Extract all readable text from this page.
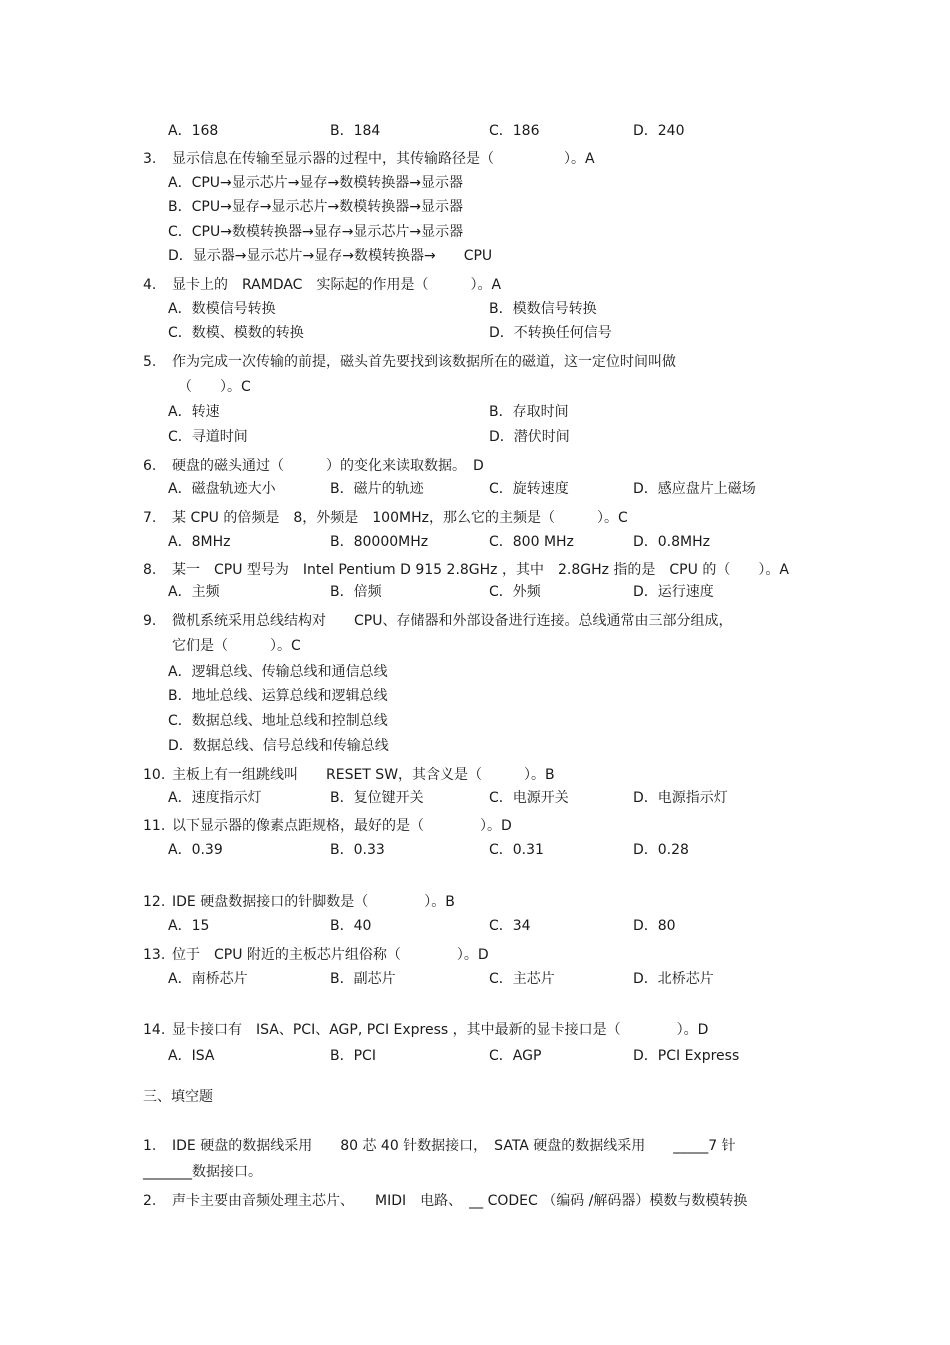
A．168	B．184	C．186	D．240
3. 显示信息在传输至显示器的过程中，其传输路径是（　　　　　）。A
A．CPU→显示芯片→显存→数模转换器→显示器
B．CPU→显存→显示芯片→数模转换器→显示器
C．CPU→数模转换器→显存→显示芯片→显示器
D．显示器→显示芯片→显存→数模转换器→　　CPU
4. 显卡上的　RAMDAC　实际起的作用是（　　　）。A
A．数模信号转换	B．模数信号转换
C．数模、模数的转换	D．不转换任何信号
5. 作为完成一次传输的前提，磁头首先要找到该数据所在的磁道，这一定位时间叫做
（　　）。C
A．转速	B．存取时间
C．寻道时间	D．潜伏时间
6. 硬盘的磁头通过（　　　）的变化来读取数据。　D
A．磁盘轨迹大小	B．磁片的轨迹	C．旋转速度	D．感应盘片上磁场
7. 某 CPU 的倍频是　8，外频是　100MHz，那么它的主频是（　　　）。C
A．8MHz	B．80000MHz	C．800 MHz	D．0.8MHz
8. 某一　CPU 型号为　Intel Pentium D 915 2.8GHz ，其中　2.8GHz 指的是　CPU 的（　　）。A
A．主频	B．倍频	C．外频	D．运行速度
9. 微机系统采用总线结构对　　CPU、存储器和外部设备进行连接。总线通常由三部分组成，
它们是（　　　）。C
A．逻辑总线、传输总线和通信总线
B．地址总线、运算总线和逻辑总线
C．数据总线、地址总线和控制总线
D．数据总线、信号总线和传输总线
10. 主板上有一组跳线叫　　RESET SW，其含义是（　　　）。B
A．速度指示灯	B．复位键开关	C．电源开关	D．电源指示灯
11. 以下显示器的像素点距规格，最好的是（　　　　）。D
A．0.39	B．0.33	C．0.31	D．0.28
12. IDE 硬盘数据接口的针脚数是（　　　　）。B
A．15	B．40	C．34	D．80
13. 位于　CPU 附近的主板芯片组俗称（　　　　）。D
A．南桥芯片	B．副芯片	C．主芯片	D．北桥芯片
14. 显卡接口有　ISA、PCI、AGP, PCI Express ，其中最新的显卡接口是（　　　　）。D
A．ISA	B．PCI	C．AGP	D．PCI Express
三、填空题
1. IDE 硬盘的数据线采用　　80 芯 40 针数据接口，　SATA 硬盘的数据线采用　　_____7 针
_______数据接口。
2. 声卡主要由音频处理主芯片、　　MIDI　电路、　__ CODEC （编码 /解码器）模数与数模转换
